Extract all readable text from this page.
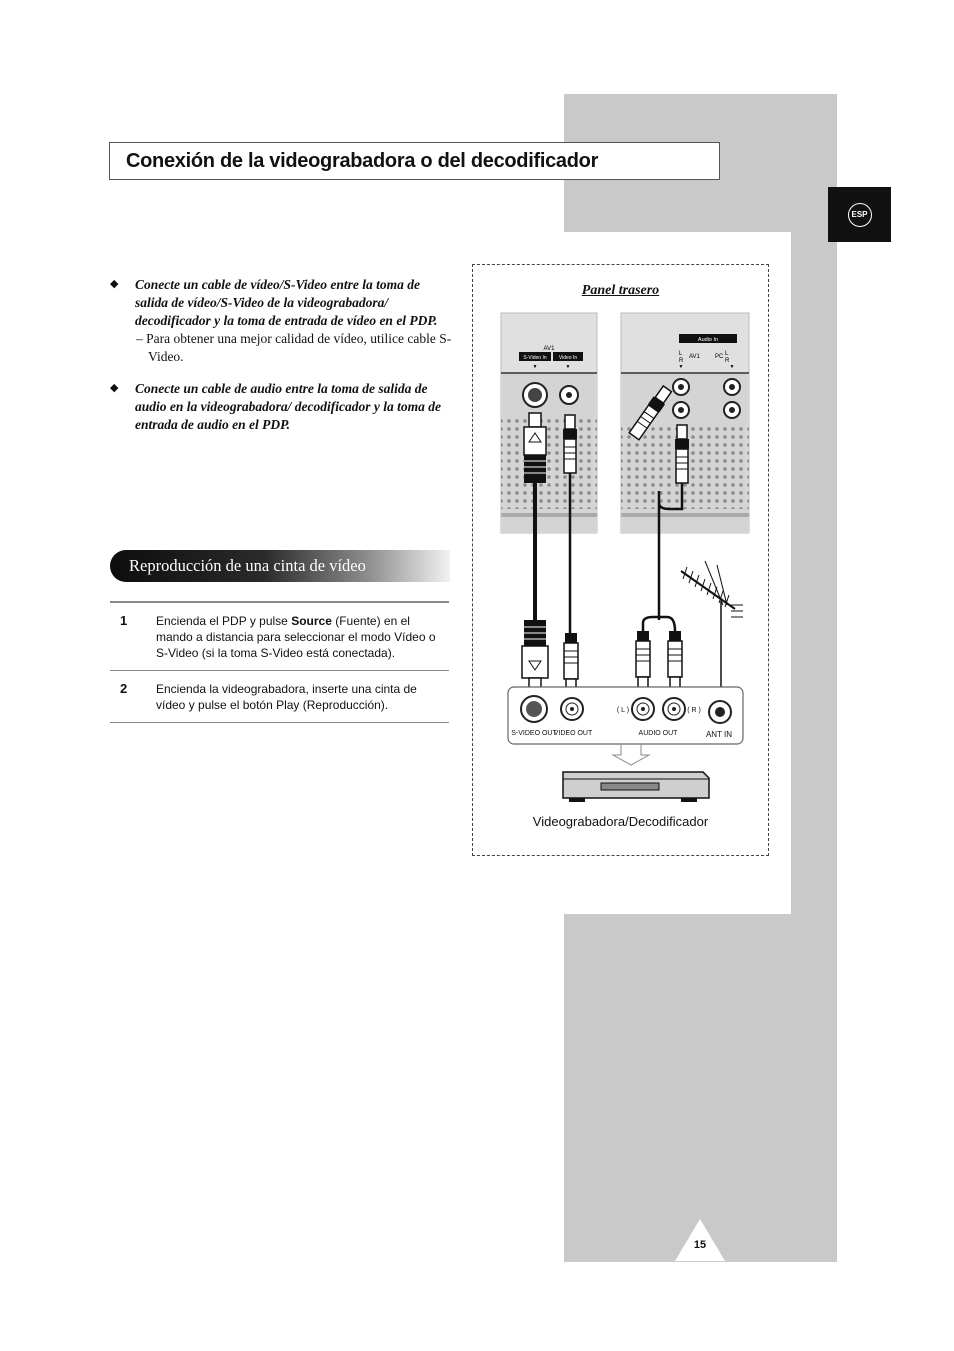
Conexión de la videograbadora o del decodificador
ESP
◆ Conecte un cable de vídeo/S-Video entre la toma de salida de vídeo/S-Video de la videograbadora/ decodificador y la toma de entrada de vídeo en el PDP.
– Para obtener una mejor calidad de vídeo, utilice cable S-Video.
◆ Conecte un cable de audio entre la toma de salida de audio en la videograbadora/ decodificador y la toma de entrada de audio en el PDP.
Reproducción de una cinta de vídeo
1	Encienda el PDP y pulse Source (Fuente) en el mando a distancia para seleccionar el modo Vídeo o S-Video (si la toma S-Video está conectada).
2	Encienda la videograbadora, inserte una cinta de vídeo y pulse el botón Play (Reproducción).
Panel trasero
AV1
S-Video In Video In
▼	▼
Audio In
L
R
AV1	PC L
R
▼	▼
S-VIDEO OUT
VIDEO OUT
( L )	( R )
AUDIO OUT	ANT IN
Videograbadora/Decodificador
15
